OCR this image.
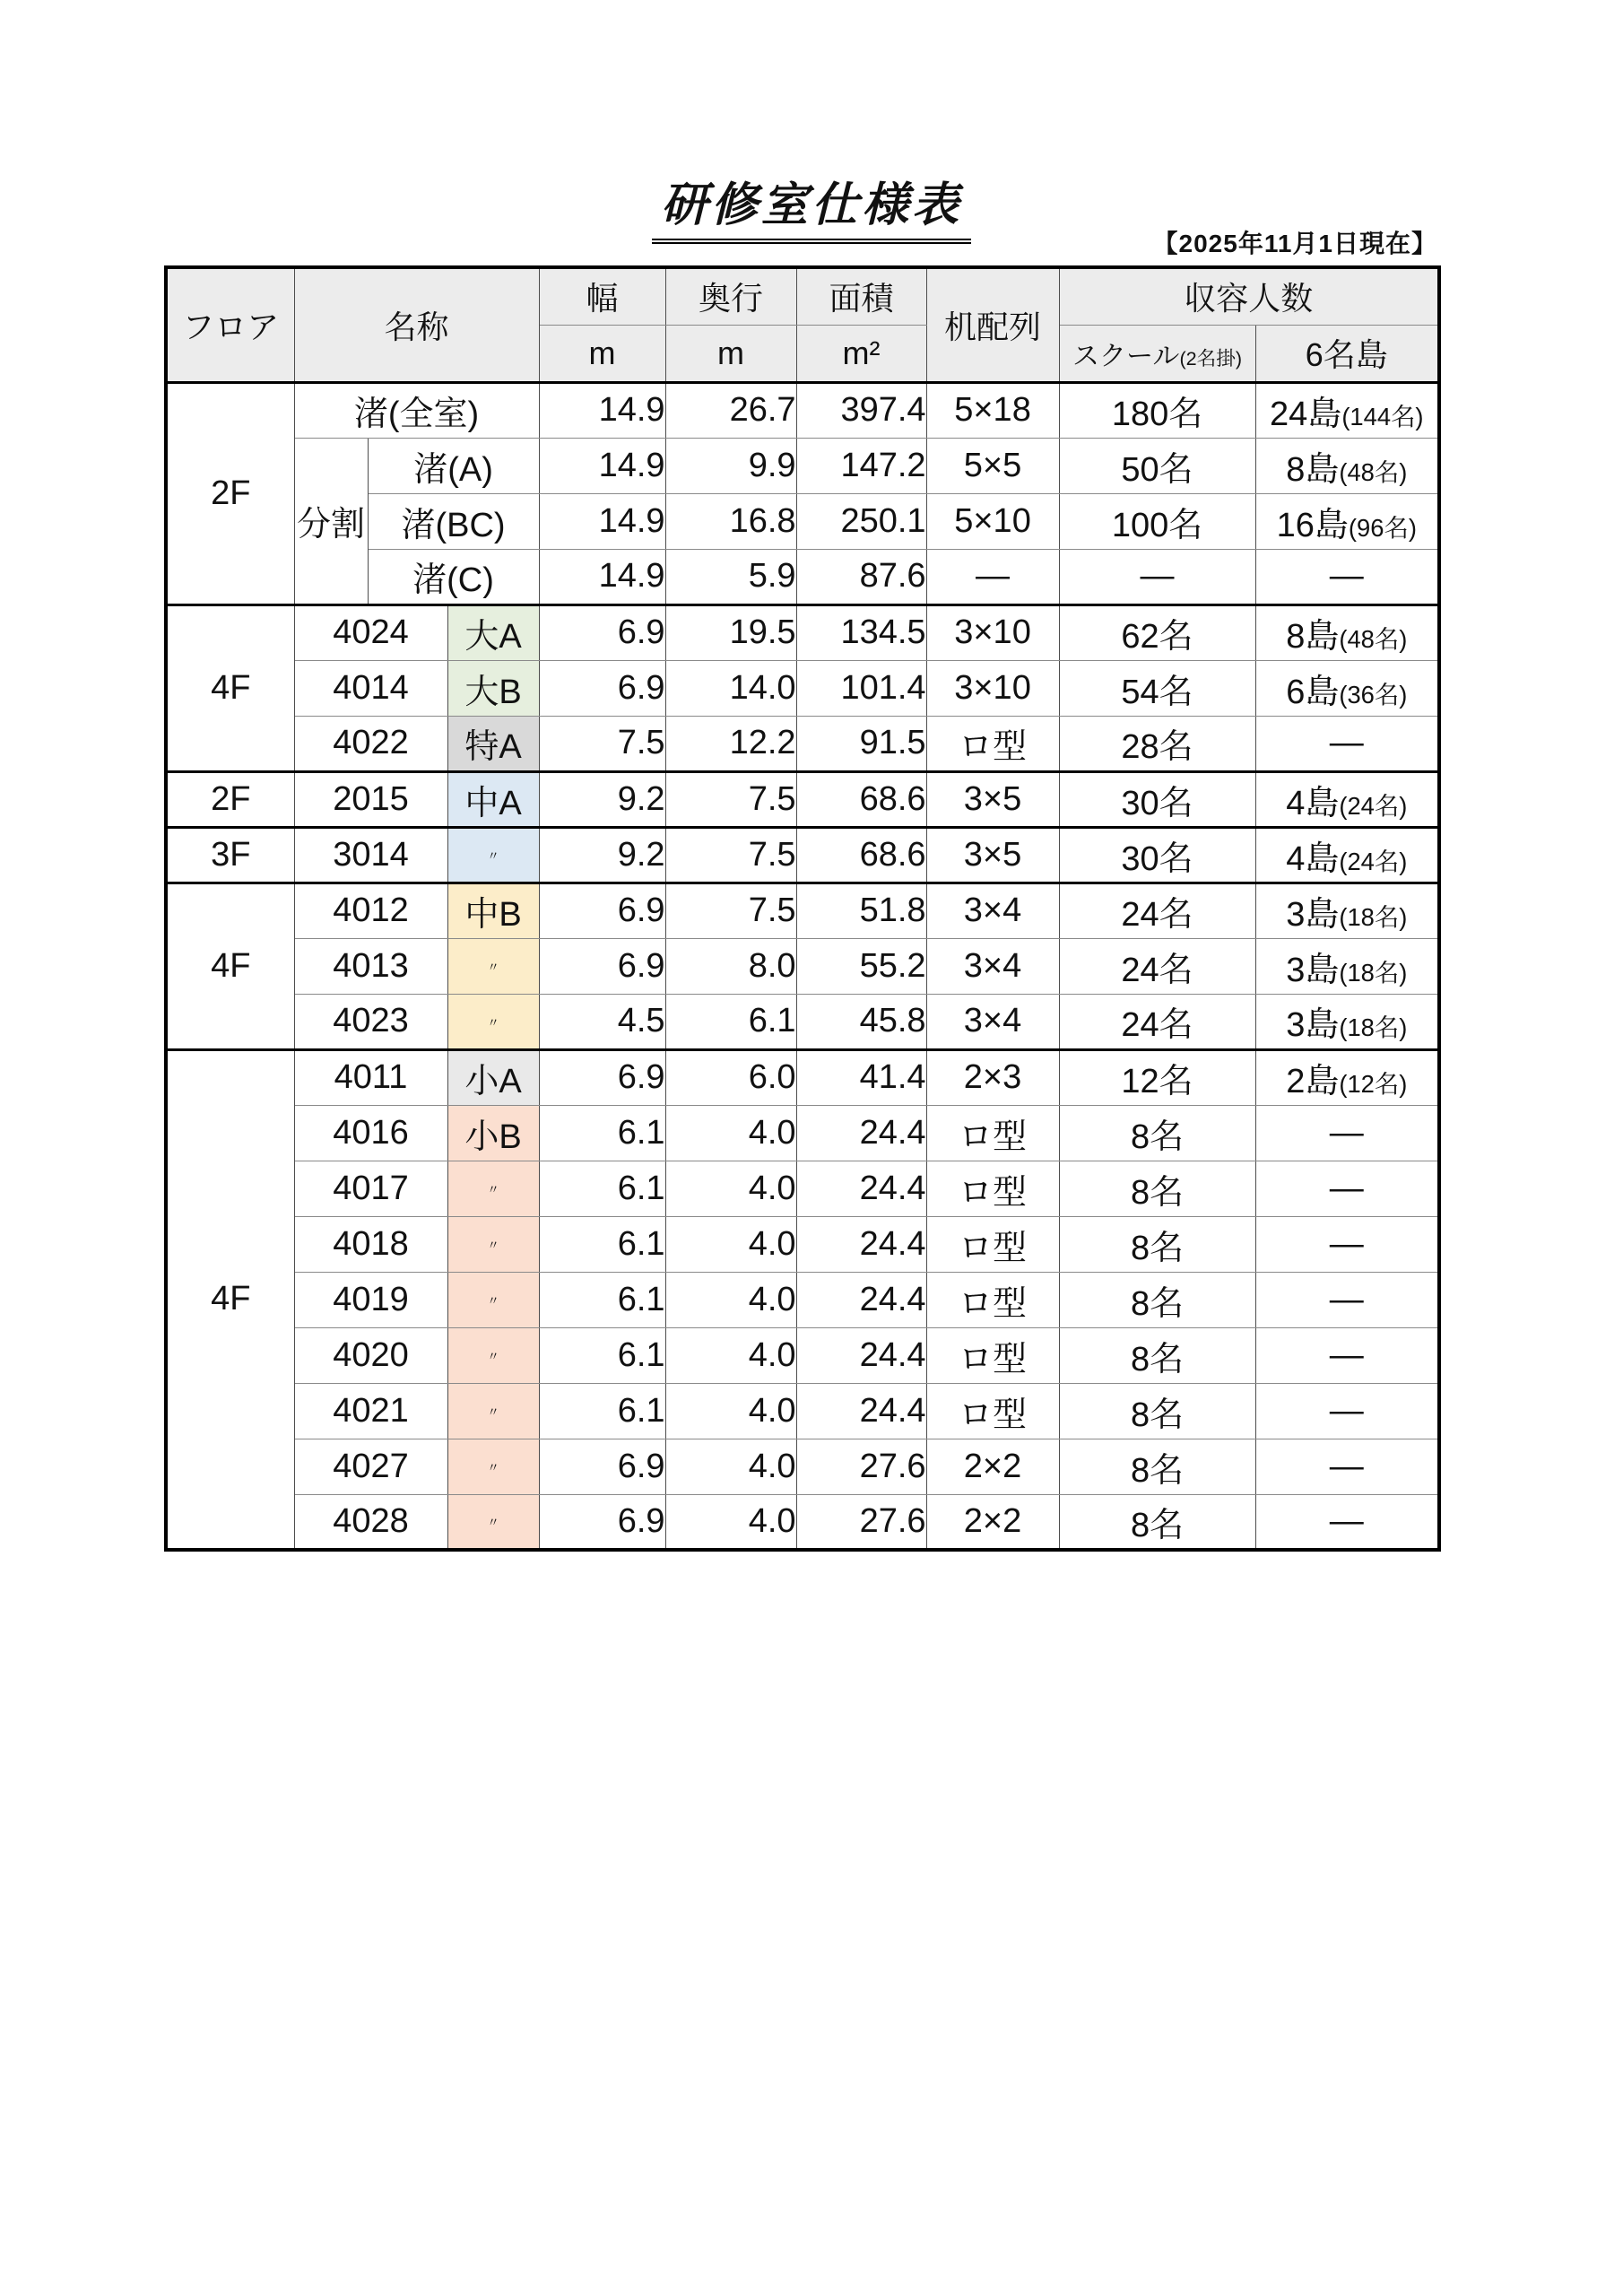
研修室仕様表
【2025年11月1日現在】
フロア	名称			幅	奥行	面積	机配列	収容人数	
				m	m	m²		スクール(2名掛)	6名島
2F	渚(全室)			14.9	26.7	397.4	5×18	180名	24島(144名)
	分割	渚(A)		14.9	9.9	147.2	5×5	50名	8島(48名)
		渚(BC)		14.9	16.8	250.1	5×10	100名	16島(96名)
		渚(C)		14.9	5.9	87.6	—	—	—
4F	4024		大A	6.9	19.5	134.5	3×10	62名	8島(48名)
	4014		大B	6.9	14.0	101.4	3×10	54名	6島(36名)
	4022		特A	7.5	12.2	91.5	ロ型	28名	—
2F	2015		中A	9.2	7.5	68.6	3×5	30名	4島(24名)
3F	3014		〃	9.2	7.5	68.6	3×5	30名	4島(24名)
4F	4012		中B	6.9	7.5	51.8	3×4	24名	3島(18名)
	4013		〃	6.9	8.0	55.2	3×4	24名	3島(18名)
	4023		〃	4.5	6.1	45.8	3×4	24名	3島(18名)
4F	4011		小A	6.9	6.0	41.4	2×3	12名	2島(12名)
	4016		小B	6.1	4.0	24.4	ロ型	8名	—
	4017		〃	6.1	4.0	24.4	ロ型	8名	—
	4018		〃	6.1	4.0	24.4	ロ型	8名	—
	4019		〃	6.1	4.0	24.4	ロ型	8名	—
	4020		〃	6.1	4.0	24.4	ロ型	8名	—
	4021		〃	6.1	4.0	24.4	ロ型	8名	—
	4027		〃	6.9	4.0	27.6	2×2	8名	—
	4028		〃	6.9	4.0	27.6	2×2	8名	—
